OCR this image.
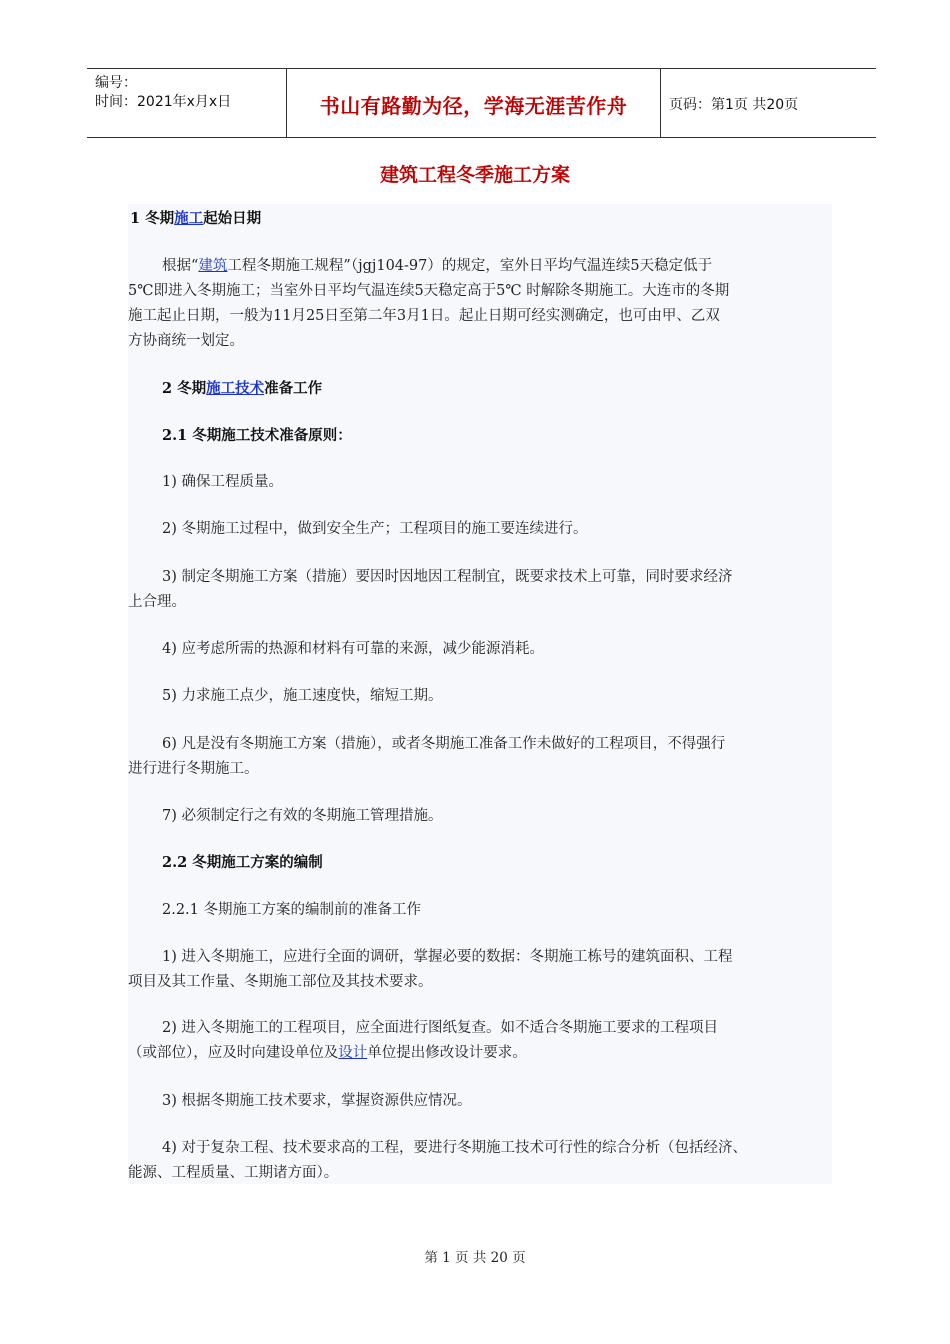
编号：
时间：2021年x月x日	书山有路勤为径，学海无涯苦作舟	页码：第1页 共20页
建筑工程冬季施工方案
1 冬期施工起始日期
根据“建筑工程冬期施工规程”（jgj104-97）的规定，室外日平均气温连续5天稳定低于
5℃即进入冬期施工；当室外日平均气温连续5天稳定高于5℃ 时解除冬期施工。大连市的冬期
施工起止日期，一般为11月25日至第二年3月1日。起止日期可经实测确定，也可由甲、乙双
方协商统一划定。
2 冬期施工技术准备工作
2.1 冬期施工技术准备原则：
1) 确保工程质量。
2) 冬期施工过程中，做到安全生产；工程项目的施工要连续进行。
3) 制定冬期施工方案（措施）要因时因地因工程制宜，既要求技术上可靠，同时要求经济
上合理。
4) 应考虑所需的热源和材料有可靠的来源，减少能源消耗。
5) 力求施工点少，施工速度快，缩短工期。
6) 凡是没有冬期施工方案（措施），或者冬期施工准备工作未做好的工程项目，不得强行
进行进行冬期施工。
7) 必须制定行之有效的冬期施工管理措施。
2.2 冬期施工方案的编制
2.2.1 冬期施工方案的编制前的准备工作
1) 进入冬期施工，应进行全面的调研，掌握必要的数据：冬期施工栋号的建筑面积、工程
项目及其工作量、冬期施工部位及其技术要求。
2) 进入冬期施工的工程项目，应全面进行图纸复查。如不适合冬期施工要求的工程项目
（或部位），应及时向建设单位及设计单位提出修改设计要求。
3) 根据冬期施工技术要求，掌握资源供应情况。
4) 对于复杂工程、技术要求高的工程，要进行冬期施工技术可行性的综合分析（包括经济、
能源、工程质量、工期诸方面）。
第 1 页 共 20 页
